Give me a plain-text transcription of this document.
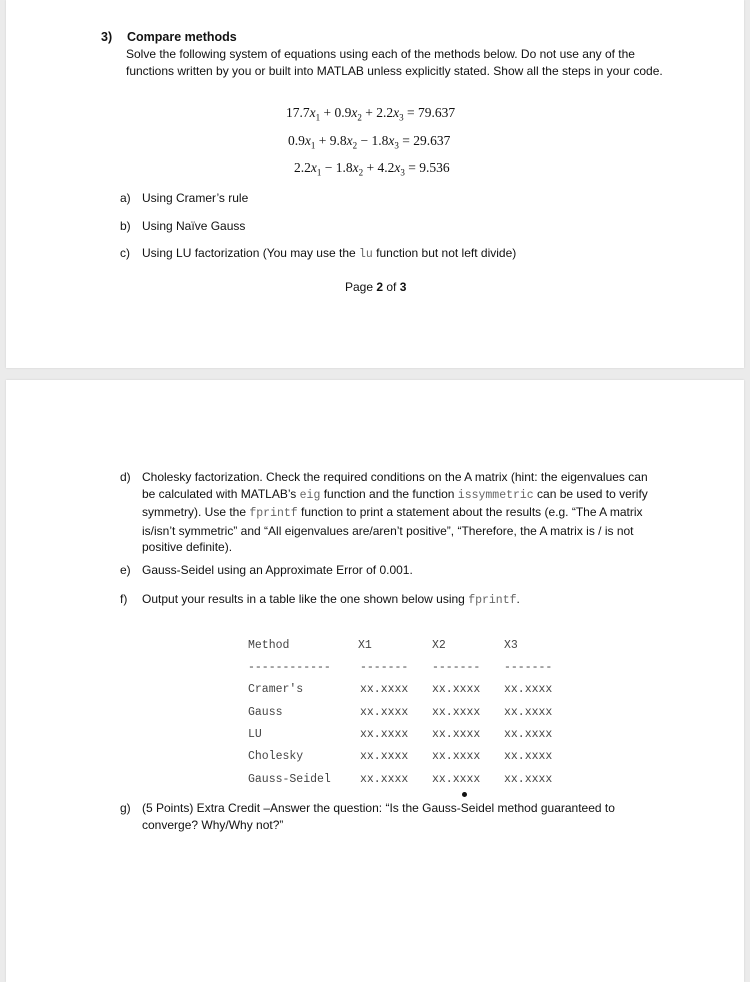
3) Compare methods
Solve the following system of equations using each of the methods below. Do not use any of the functions written by you or built into MATLAB unless explicitly stated. Show all the steps in your code.
$17.7x_1 + 0.9x_2 + 2.2x_3 = 79.637$
$0.9x_1 + 9.8x_2 - 1.8x_3 = 29.637$
$2.2x_1 - 1.8x_2 + 4.2x_3 = 9.536$
a) Using Cramer’s rule
b) Using Naïve Gauss
c) Using LU factorization (You may use the lu function but not left divide)
Page 2 of 3
d) Cholesky factorization. Check the required conditions on the A matrix (hint: the eigenvalues can be calculated with MATLAB’s eig function and the function issymmetric can be used to verify symmetry). Use the fprintf function to print a statement about the results (e.g. “The A matrix is/isn’t symmetric” and “All eigenvalues are/aren’t positive”, “Therefore, the A matrix is / is not positive definite).
e) Gauss-Seidel using an Approximate Error of 0.001.
f) Output your results in a table like the one shown below using fprintf.
Method	X1	X2	X3
------------	------- ------- -------
Cramer's	xx.xxxx xx.xxxx xx.xxxx
Gauss	xx.xxxx xx.xxxx xx.xxxx
LU	xx.xxxx xx.xxxx xx.xxxx
Cholesky	xx.xxxx xx.xxxx xx.xxxx
Gauss-Seidel	xx.xxxx xx.xxxx xx.xxxx
g) (5 Points) Extra Credit –Answer the question: “Is the Gauss-Seidel method guaranteed to converge? Why/Why not?”
